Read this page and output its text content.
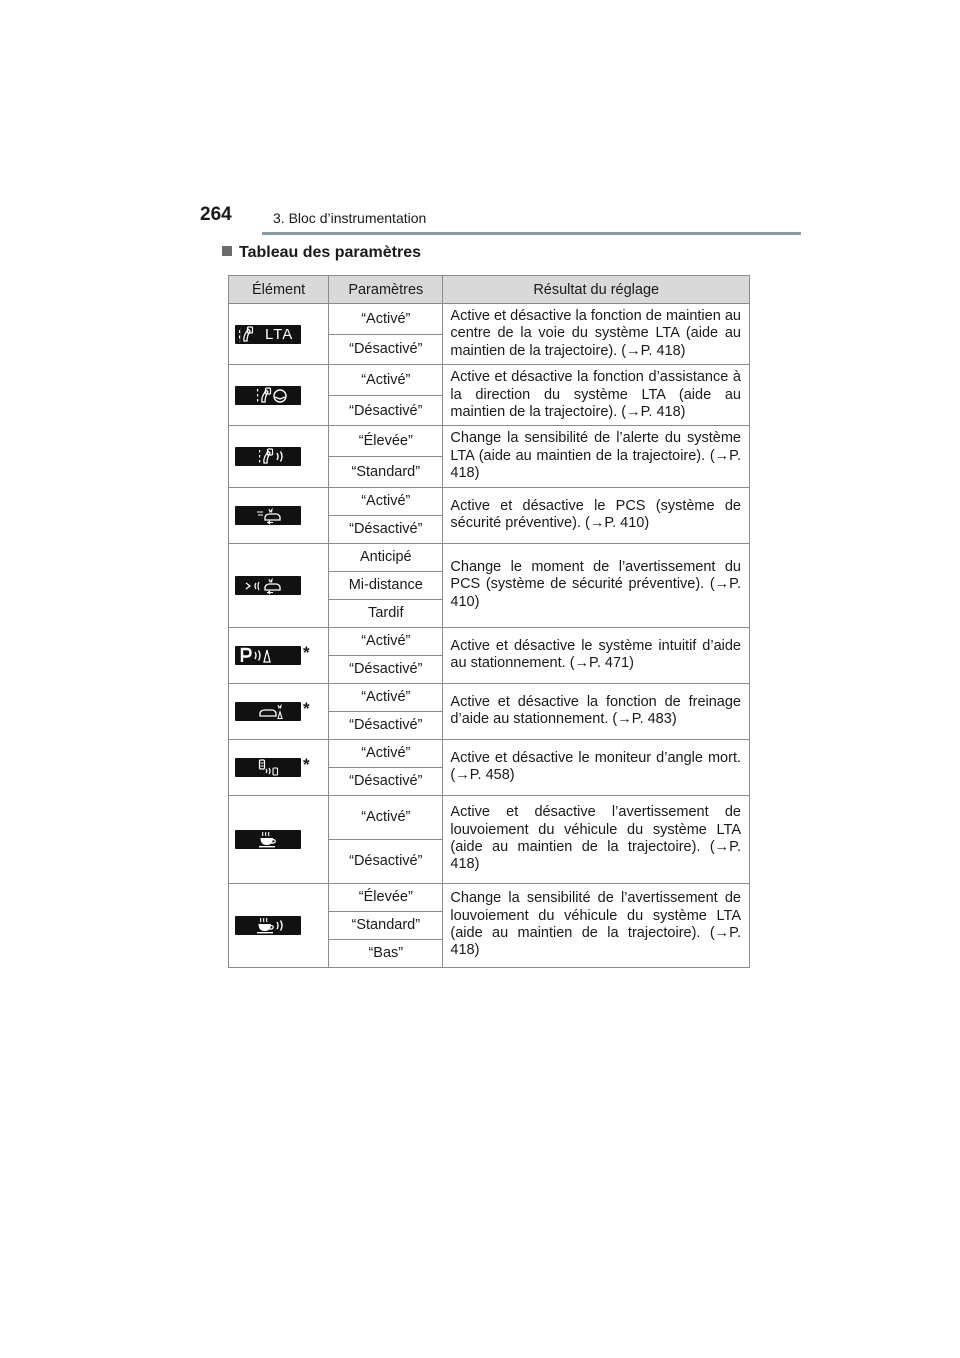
264	3. Bloc d’instrumentation
Tableau des paramètres
Élément	Paramètres	Résultat du réglage

LTA	“Activé”	Active et désactive la fonction de maintien au centre de la voie du système LTA (aide au maintien de la trajectoire). (→P. 418)
	“Désactivé”	

	“Activé”	Active et désactive la fonction d’assistance à la direction du système LTA (aide au maintien de la trajectoire). (→P. 418)
	“Désactivé”	

	“Élevée”	Change la sensibilité de l’alerte du système LTA (aide au maintien de la trajectoire). (→P. 418)
	“Standard”	

	“Activé”	Active et désactive le PCS (système de sécurité préventive). (→P. 410)
	“Désactivé”	

	Anticipé	Change le moment de l’avertissement du PCS (système de sécurité préventive). (→P. 410)
	Mi-distance	
	Tardif	

*	“Activé”	Active et désactive le système intuitif d’aide au stationnement. (→P. 471)
	“Désactivé”	

*	“Activé”	Active et désactive la fonction de freinage d’aide au stationnement. (→P. 483)
	“Désactivé”	

*	“Activé”	Active et désactive le moniteur d’angle mort. (→P. 458)
	“Désactivé”	

	“Activé”	Active et désactive l’avertissement de louvoiement du véhicule du système LTA (aide au maintien de la trajectoire). (→P. 418)
	“Désactivé”	

	“Élevée”	Change la sensibilité de l’avertissement de louvoiement du véhicule du système LTA (aide au maintien de la trajectoire). (→P. 418)
	“Standard”	
	“Bas”	
